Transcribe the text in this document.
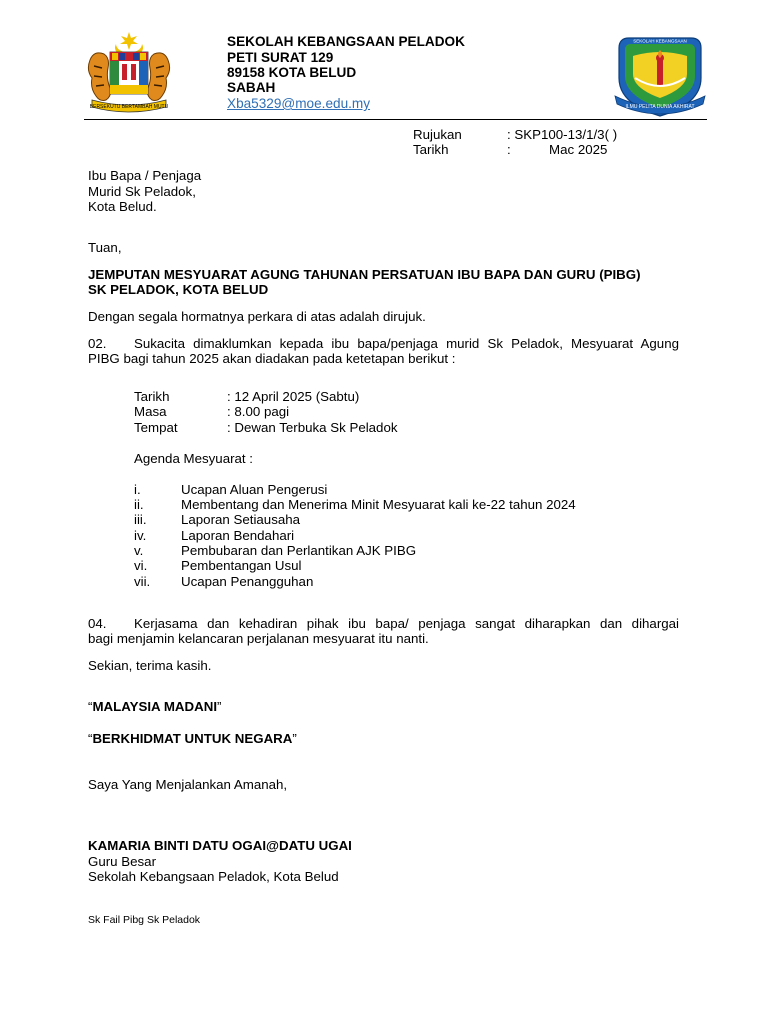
BERSEKUTU BERTAMBAH MUTU
SEKOLAH KEBANGSAAN PELADOK
PETI SURAT 129
89158 KOTA BELUD
SABAH
Xba5329@moe.edu.my
SEKOLAH KEBANGSAAN
ILMU PELITA DUNIA AKHIRAT
Rujukan	: SKP100-13/1/3( )
Tarikh	:	Mac 2025
Ibu Bapa / Penjaga
Murid Sk Peladok,
Kota Belud.
Tuan,
JEMPUTAN MESYUARAT AGUNG TAHUNAN PERSATUAN IBU BAPA DAN GURU (PIBG)
SK PELADOK, KOTA BELUD
Dengan segala hormatnya perkara di atas adalah dirujuk.
02. Sukacita dimaklumkan kepada ibu bapa/penjaga murid Sk Peladok, Mesyuarat Agung
PIBG bagi tahun 2025 akan diadakan pada ketetapan berikut :
Tarikh	: 12 April 2025 (Sabtu)
Masa	: 8.00 pagi
Tempat	: Dewan Terbuka Sk Peladok
Agenda Mesyuarat :
i.	Ucapan Aluan Pengerusi
ii.	Membentang dan Menerima Minit Mesyuarat kali ke-22 tahun 2024
iii.	Laporan Setiausaha
iv.	Laporan Bendahari
v.	Pembubaran dan Perlantikan AJK PIBG
vi.	Pembentangan Usul
vii. Ucapan Penangguhan
04. Kerjasama dan kehadiran pihak ibu bapa/ penjaga sangat diharapkan dan dihargai
bagi menjamin kelancaran perjalanan mesyuarat itu nanti.
Sekian, terima kasih.
“MALAYSIA MADANI”
“BERKHIDMAT UNTUK NEGARA”
Saya Yang Menjalankan Amanah,
KAMARIA BINTI DATU OGAI@DATU UGAI
Guru Besar
Sekolah Kebangsaan Peladok, Kota Belud
Sk Fail Pibg Sk Peladok
